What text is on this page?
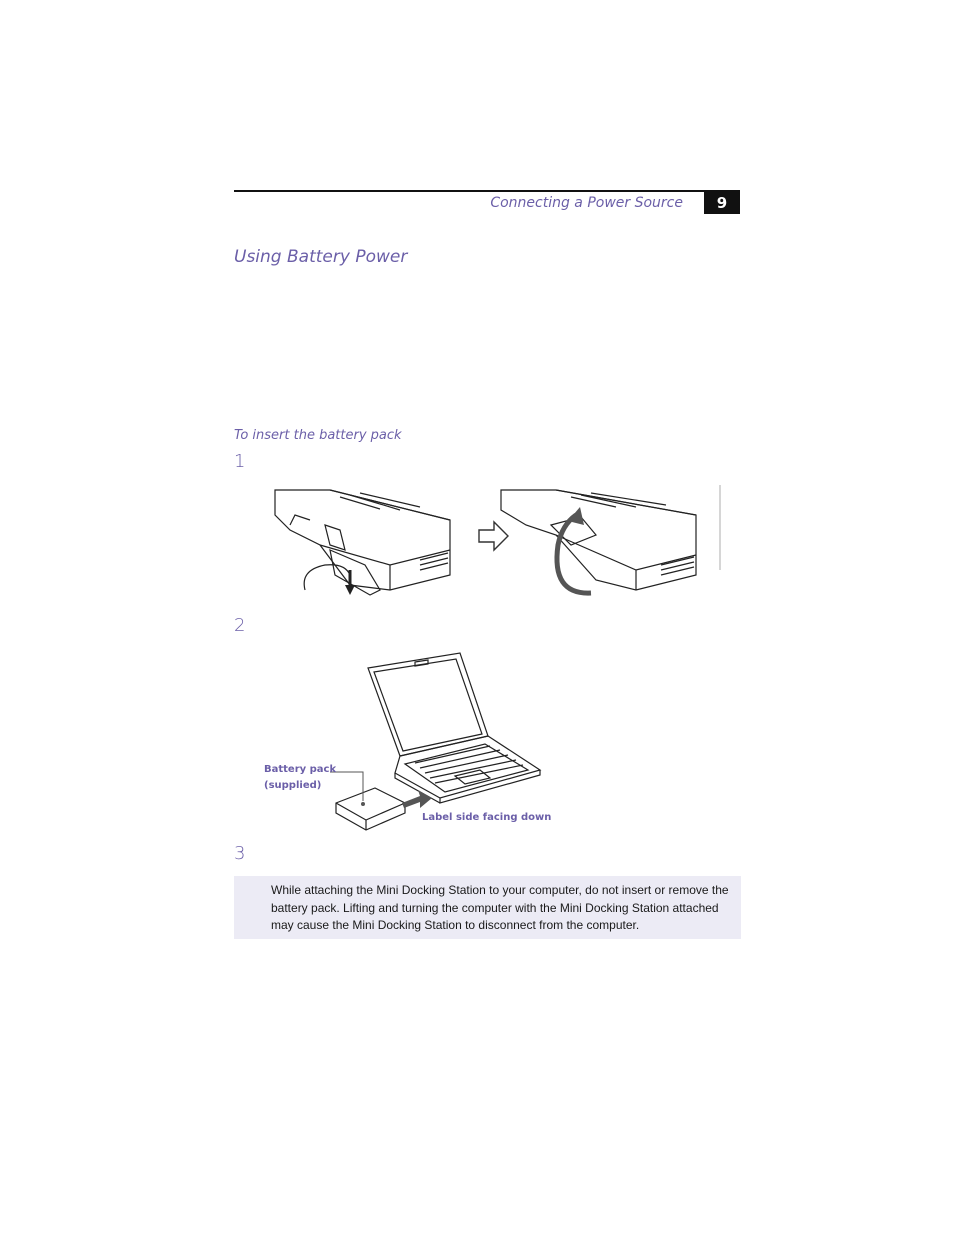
Connecting a Power Source	9
Using Battery Power
To insert the battery pack
1
2
Battery pack
(supplied)
Label side facing down
3
While attaching the Mini Docking Station to your computer, do not insert or remove the battery pack. Lifting and turning the computer with the Mini Docking Station attached may cause the Mini Docking Station to disconnect from the computer.
